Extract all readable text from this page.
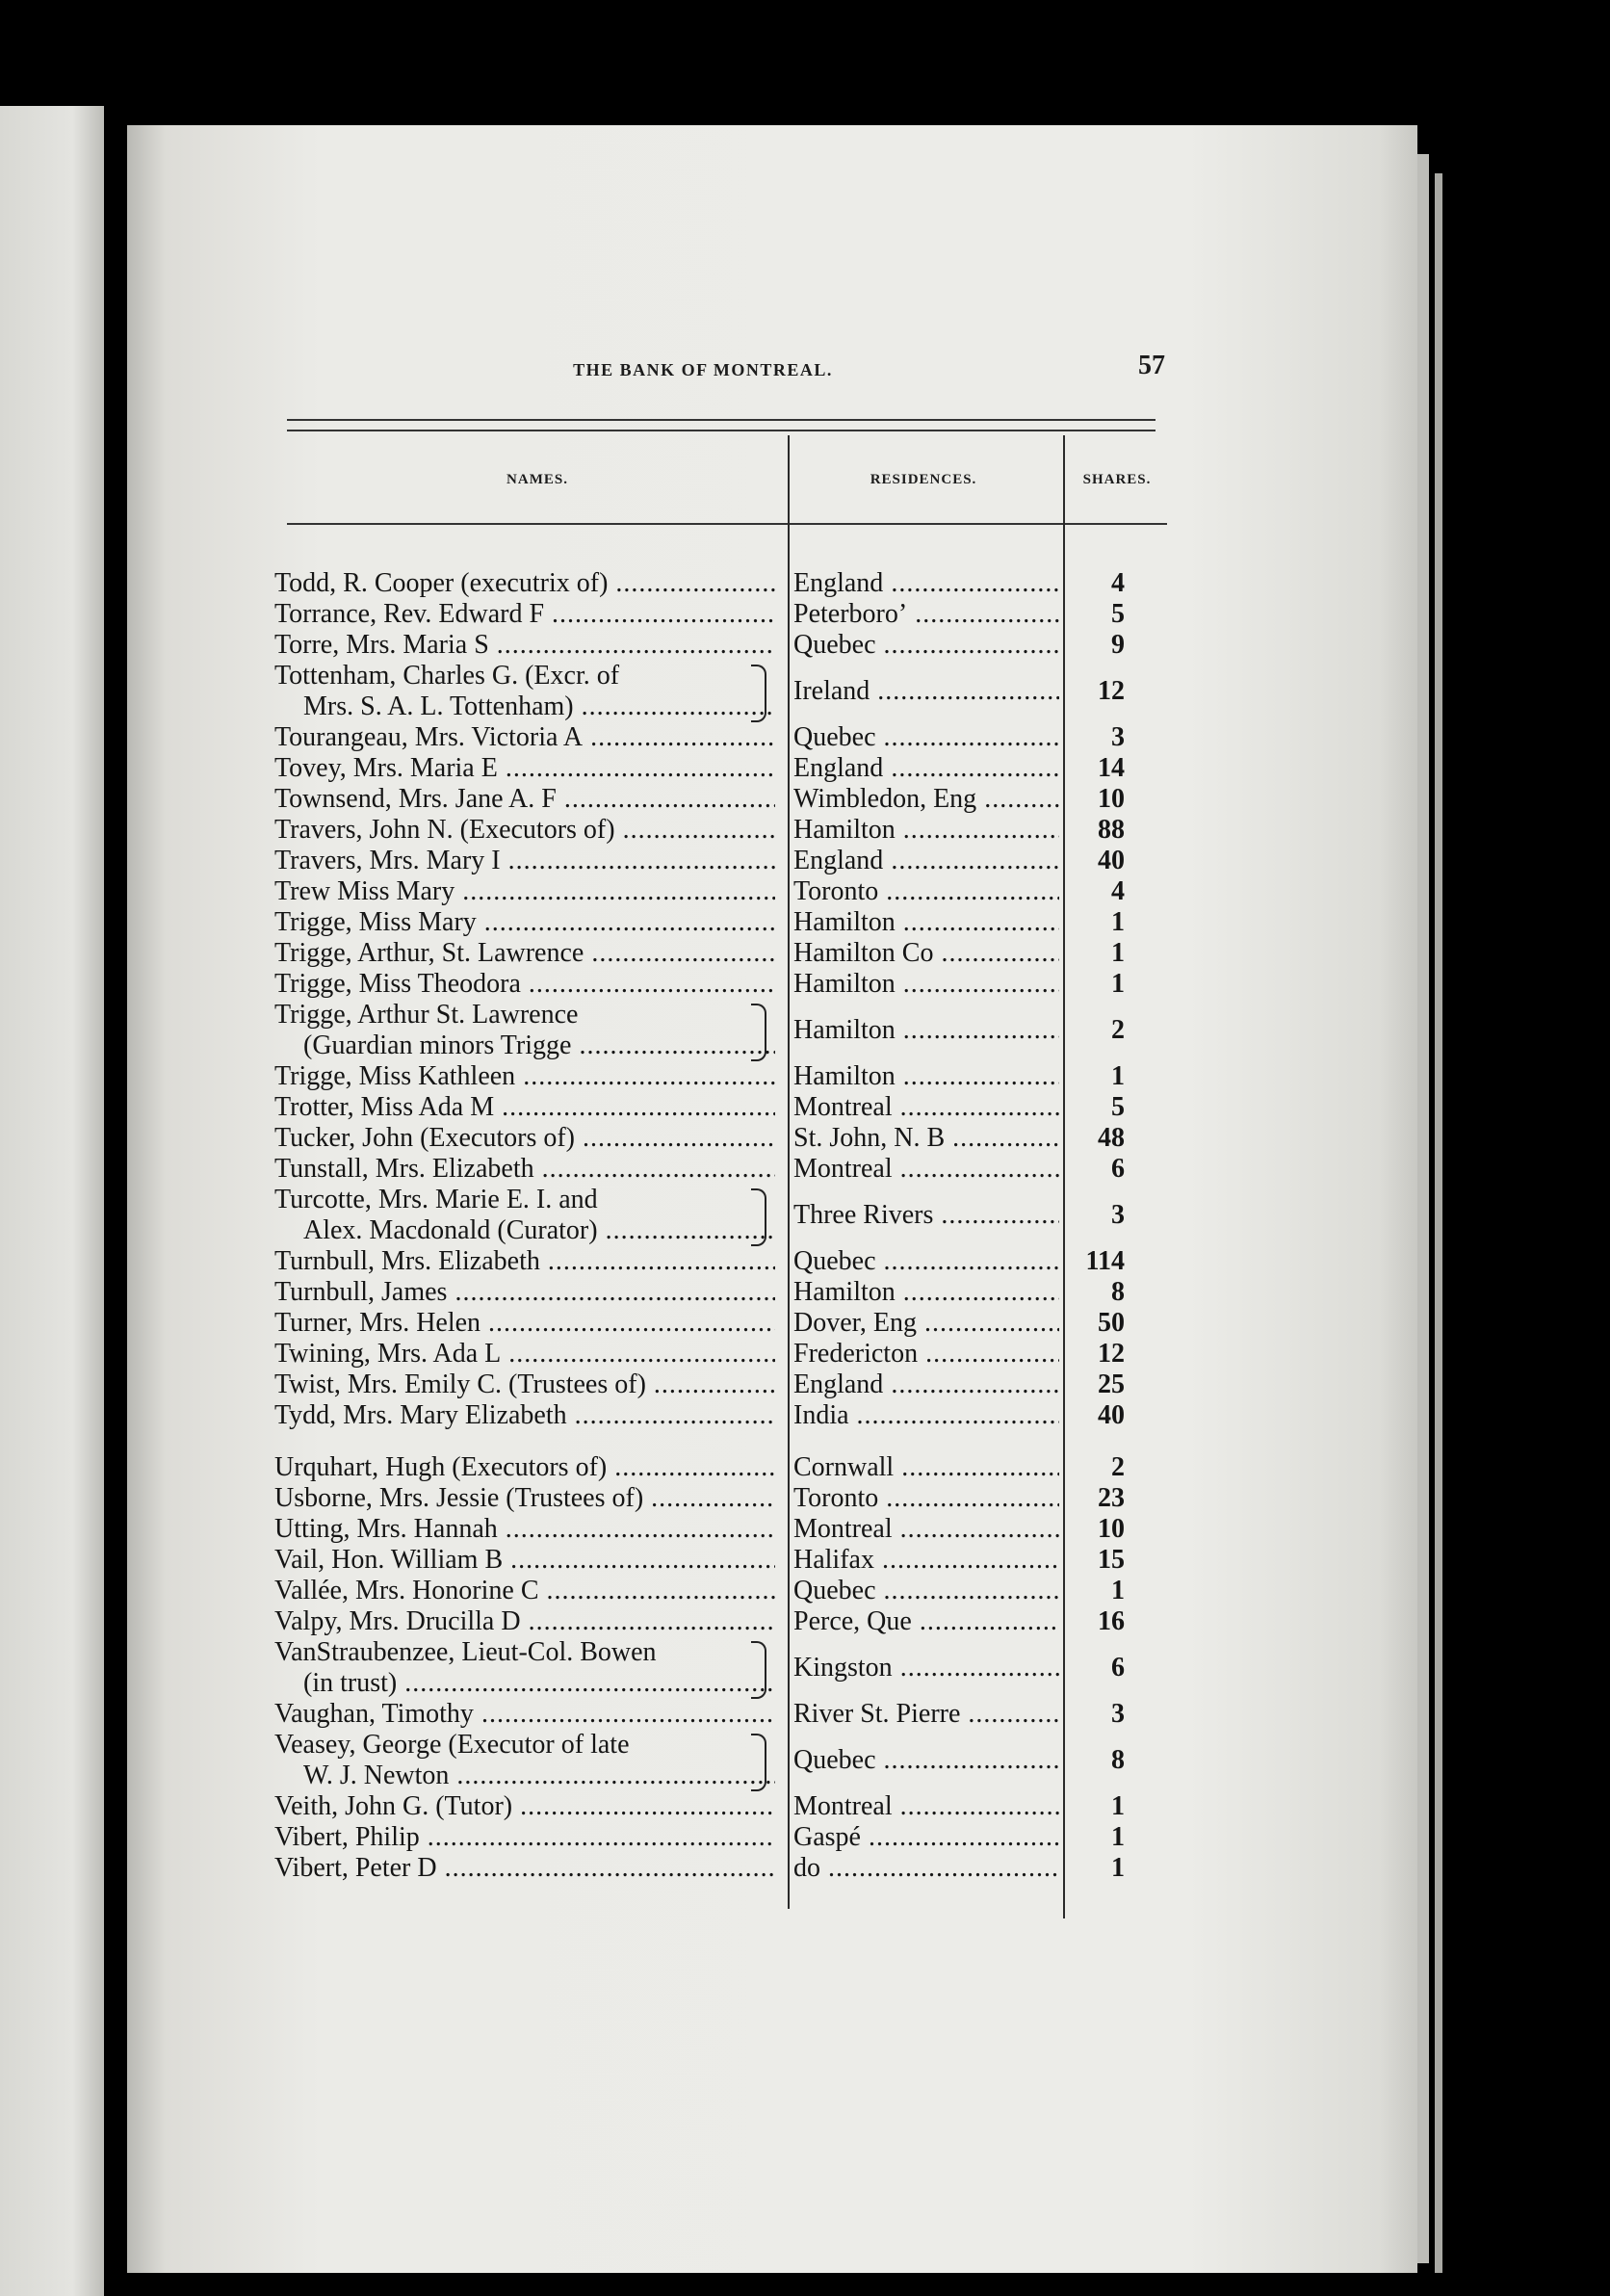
THE BANK OF MONTREAL.	57
NAMES.	RESIDENCES.	SHARES.
Todd, R. Cooper (executrix of) .....	England .....	4
Torrance, Rev. Edward F .....	Peterboro’ .....	5
Torre, Mrs. Maria S .....	Quebec .....	9
Tottenham, Charles G. (Excr. of
Mrs. S. A. L. Tottenham) .....
Ireland .....	12
Tourangeau, Mrs. Victoria A .....	Quebec .....	3
Tovey, Mrs. Maria E .....	England .....	14
Townsend, Mrs. Jane A. F .....	Wimbledon, Eng .....	10
Travers, John N. (Executors of) .....	Hamilton .....	88
Travers, Mrs. Mary I .....	England .....	40
Trew Miss Mary .....	Toronto .....	4
Trigge, Miss Mary .....	Hamilton .....	1
Trigge, Arthur, St. Lawrence .....	Hamilton Co .....	1
Trigge, Miss Theodora .....	Hamilton .....	1
Trigge, Arthur St. Lawrence
(Guardian minors Trigge .....
Hamilton .....	2
Trigge, Miss Kathleen .....	Hamilton .....	1
Trotter, Miss Ada M .....	Montreal .....	5
Tucker, John (Executors of) .....	St. John, N. B .....	48
Tunstall, Mrs. Elizabeth .....	Montreal .....	6
Turcotte, Mrs. Marie E. I. and
Alex. Macdonald (Curator) .....
Three Rivers .....	3
Turnbull, Mrs. Elizabeth .....	Quebec .....	114
Turnbull, James .....	Hamilton .....	8
Turner, Mrs. Helen .....	Dover, Eng .....	50
Twining, Mrs. Ada L .....	Fredericton .....	12
Twist, Mrs. Emily C. (Trustees of) .....	England .....	25
Tydd, Mrs. Mary Elizabeth .....	India .....	40
Urquhart, Hugh (Executors of) .....	Cornwall .....	2
Usborne, Mrs. Jessie (Trustees of) .....	Toronto .....	23
Utting, Mrs. Hannah .....	Montreal .....	10
Vail, Hon. William B .....	Halifax .....	15
Vallée, Mrs. Honorine C .....	Quebec .....	1
Valpy, Mrs. Drucilla D .....	Perce, Que .....	16
VanStraubenzee, Lieut-Col. Bowen
(in trust) .....
Kingston .....	6
Vaughan, Timothy .....	River St. Pierre .....	3
Veasey, George (Executor of late
W. J. Newton .....
Quebec .....	8
Veith, John G. (Tutor) .....	Montreal .....	1
Vibert, Philip .....	Gaspé .....	1
Vibert, Peter D .....	do .....	1
